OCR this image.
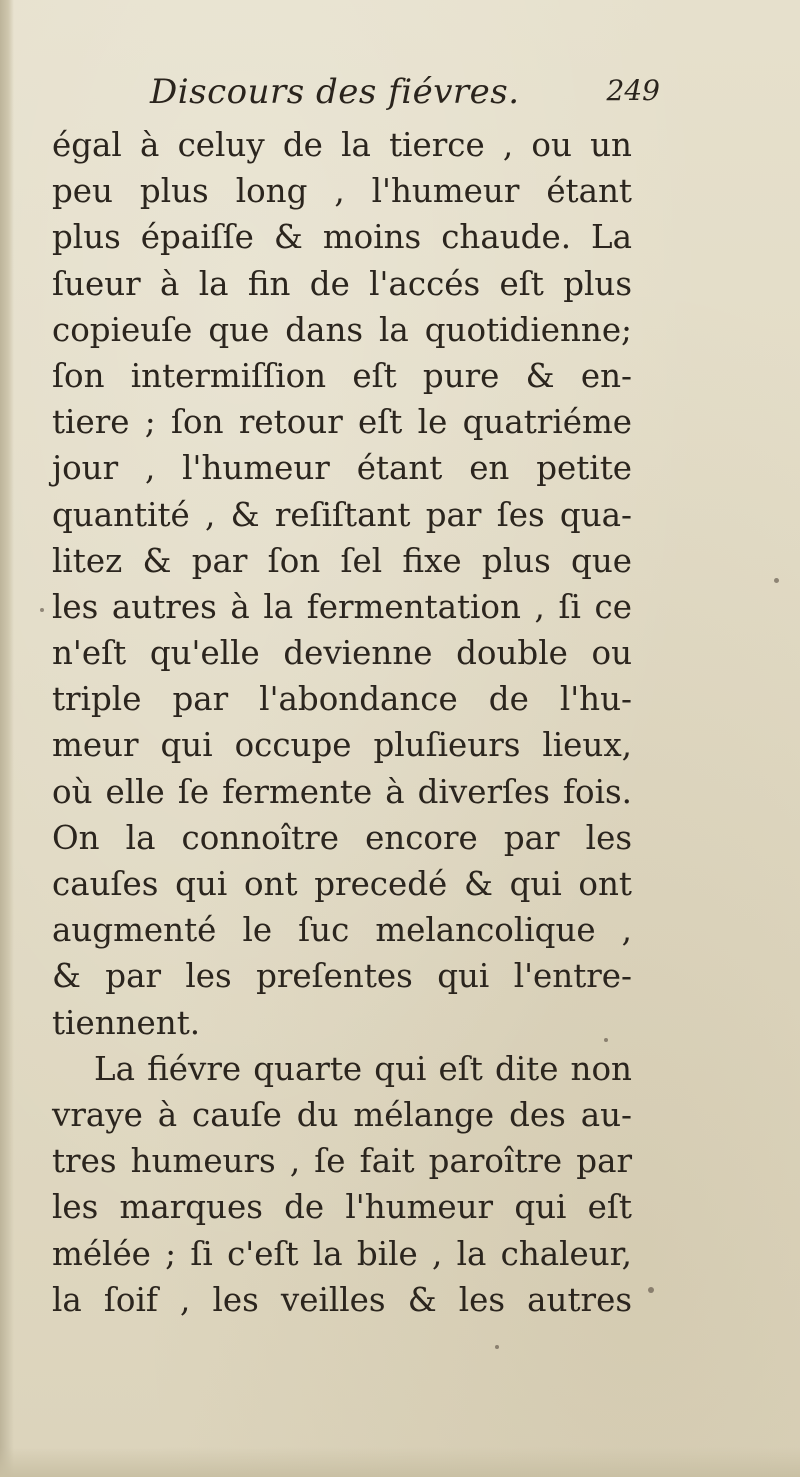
Discours des fiévres.	249
égal à celuy de la tierce , ou un
peu plus long , l'humeur étant
plus épaiſſe & moins chaude. La
ſueur à la fin de l'accés eſt plus
copieuſe que dans la quotidienne;
ſon intermiſſion eſt pure & en-
tiere ; ſon retour eſt le quatriéme
jour , l'humeur étant en petite
quantité , & reſiſtant par ſes qua-
litez & par ſon ſel fixe plus que
les autres à la fermentation , ſi ce
n'eſt qu'elle devienne double ou
triple par l'abondance de l'hu-
meur qui occupe pluſieurs lieux,
où elle ſe fermente à diverſes fois.
On la connoître encore par les
cauſes qui ont precedé & qui ont
augmenté le ſuc melancolique ,
& par les preſentes qui l'entre-
tiennent.
La fiévre quarte qui eſt dite non
vraye à cauſe du mélange des au-
tres humeurs , ſe fait paroître par
les marques de l'humeur qui eſt
mélée ; ſi c'eſt la bile , la chaleur,
la ſoif , les veilles & les autres
